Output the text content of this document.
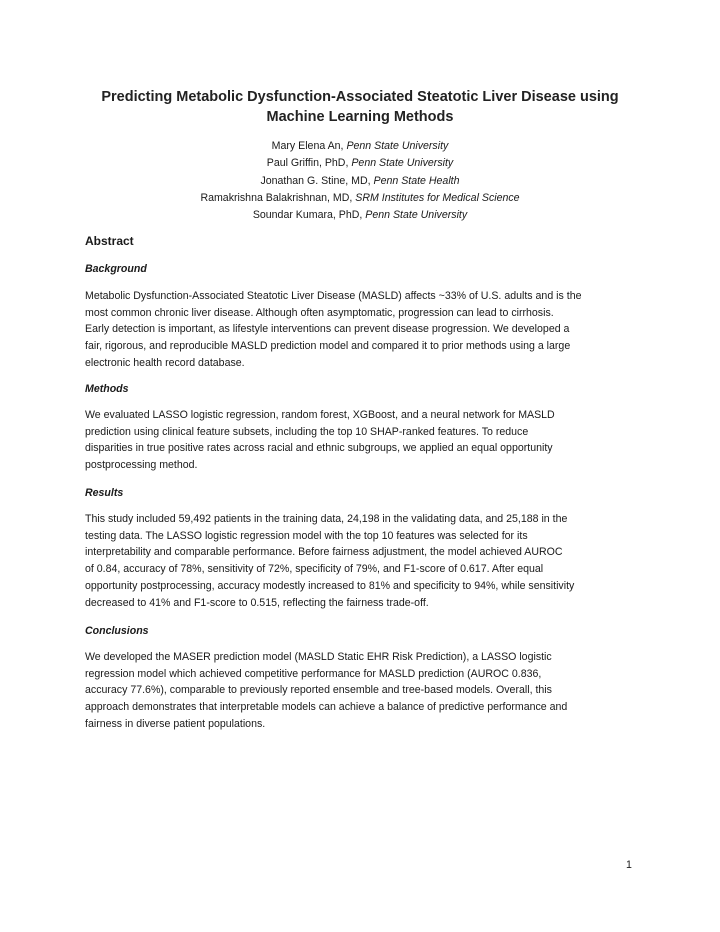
Predicting Metabolic Dysfunction-Associated Steatotic Liver Disease using
Machine Learning Methods
Mary Elena An, Penn State University
Paul Griffin, PhD, Penn State University
Jonathan G. Stine, MD, Penn State Health
Ramakrishna Balakrishnan, MD, SRM Institutes for Medical Science
Soundar Kumara, PhD, Penn State University
Abstract
Background
Metabolic Dysfunction-Associated Steatotic Liver Disease (MASLD) affects ~33% of U.S. adults and is the
most common chronic liver disease. Although often asymptomatic, progression can lead to cirrhosis.
Early detection is important, as lifestyle interventions can prevent disease progression. We developed a
fair, rigorous, and reproducible MASLD prediction model and compared it to prior methods using a large
electronic health record database.
Methods
We evaluated LASSO logistic regression, random forest, XGBoost, and a neural network for MASLD
prediction using clinical feature subsets, including the top 10 SHAP-ranked features. To reduce
disparities in true positive rates across racial and ethnic subgroups, we applied an equal opportunity
postprocessing method.
Results
This study included 59,492 patients in the training data, 24,198 in the validating data, and 25,188 in the
testing data. The LASSO logistic regression model with the top 10 features was selected for its
interpretability and comparable performance. Before fairness adjustment, the model achieved AUROC
of 0.84, accuracy of 78%, sensitivity of 72%, specificity of 79%, and F1-score of 0.617. After equal
opportunity postprocessing, accuracy modestly increased to 81% and specificity to 94%, while sensitivity
decreased to 41% and F1-score to 0.515, reflecting the fairness trade-off.
Conclusions
We developed the MASER prediction model (MASLD Static EHR Risk Prediction), a LASSO logistic
regression model which achieved competitive performance for MASLD prediction (AUROC 0.836,
accuracy 77.6%), comparable to previously reported ensemble and tree-based models. Overall, this
approach demonstrates that interpretable models can achieve a balance of predictive performance and
fairness in diverse patient populations.
1
